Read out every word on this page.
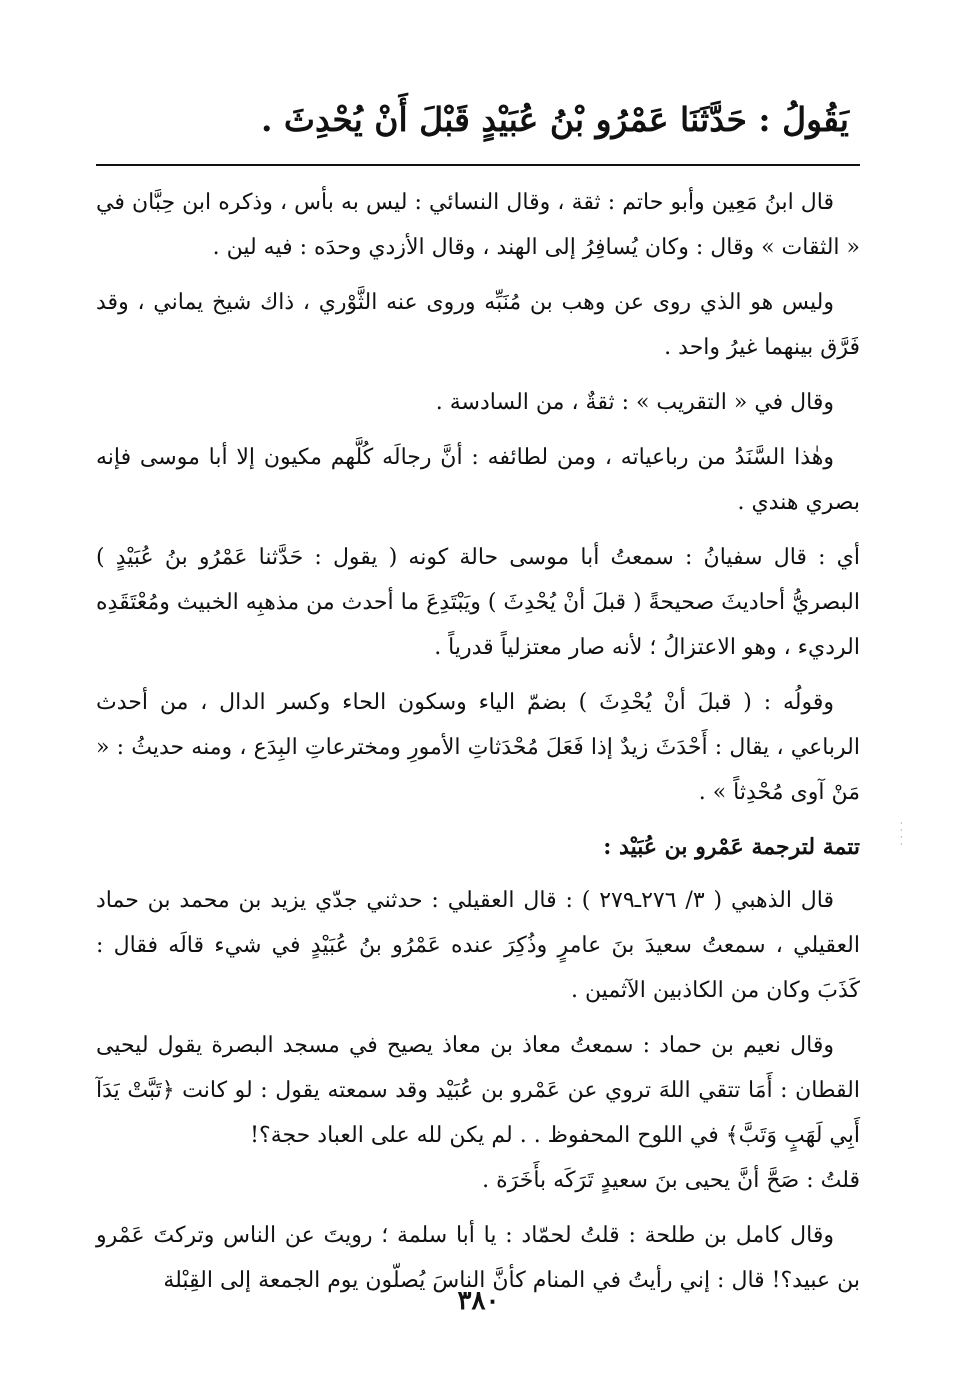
يَقُولُ : حَدَّثَنَا عَمْرُو بْنُ عُبَيْدٍ قَبْلَ أَنْ يُحْدِثَ .

قال ابنُ مَعِين وأبو حاتم : ثقة ، وقال النسائي : ليس به بأس ، وذكره ابن حِبَّان في « الثقات » وقال : وكان يُسافِرُ إلى الهند ، وقال الأزدي وحدَه : فيه لين .

وليس هو الذي روى عن وهب بن مُنَبِّه وروى عنه الثَّوْري ، ذاك شيخ يماني ، وقد فَرَّق بينهما غيرُ واحد .

وقال في « التقريب » : ثقةٌ ، من السادسة .

وهٰذا السَّنَدُ من رباعياته ، ومن لطائفه : أنَّ رجالَه كُلَّهم مكيون إلا أبا موسى فإنه بصري هندي .

أي : قال سفيانُ : سمعتُ أبا موسى حالة كونه ( يقول : حَدَّثنا عَمْرُو بنُ عُبَيْدٍ ) البصريُّ أحاديثَ صحيحةً ( قبلَ أنْ يُحْدِثَ ) ويَبْتَدِعَ ما أحدث من مذهبِه الخبيث ومُعْتَقَدِه الرديء ، وهو الاعتزالُ ؛ لأنه صار معتزلياً قدرياً .

وقولُه : ( قبلَ أنْ يُحْدِثَ ) بضمّ الياء وسكون الحاء وكسر الدال ، من أحدث الرباعي ، يقال : أَحْدَثَ زيدٌ إذا فَعَلَ مُحْدَثاتِ الأمورِ ومخترعاتِ البِدَع ، ومنه حديثُ : « مَنْ آوى مُحْدِثاً » .

تتمة لترجمة عَمْرو بن عُبَيْد :

قال الذهبي ( ٣/ ٢٧٦ـ٢٧٩ ) : قال العقيلي : حدثني جدّي يزيد بن محمد بن حماد العقيلي ، سمعتُ سعيدَ بنَ عامرٍ وذُكِرَ عنده عَمْرُو بنُ عُبَيْدٍ في شيء قالَه فقال : كَذَبَ وكان من الكاذبين الآثمين .

وقال نعيم بن حماد : سمعتُ معاذ بن معاذ يصيح في مسجد البصرة يقول ليحيى القطان : أَمَا تتقي اللهَ تروي عن عَمْرو بن عُبَيْد وقد سمعته يقول : لو كانت ﴿تَبَّتْ يَدَآ أَبِي لَهَبٍ وَتَبَّ﴾ في اللوح المحفوظ . . لم يكن لله على العباد حجة؟!

قلتُ : صَحَّ أنَّ يحيى بنَ سعيدٍ تَرَكَه بأَخَرَة .

وقال كامل بن طلحة : قلتُ لحمّاد : يا أبا سلمة ؛ رويتَ عن الناس وتركتَ عَمْرو بن عبيد؟! قال : إني رأيتُ في المنام كأنَّ الناسَ يُصلّون يوم الجمعة إلى القِبْلة

·
·
·
·
٣٨٠
